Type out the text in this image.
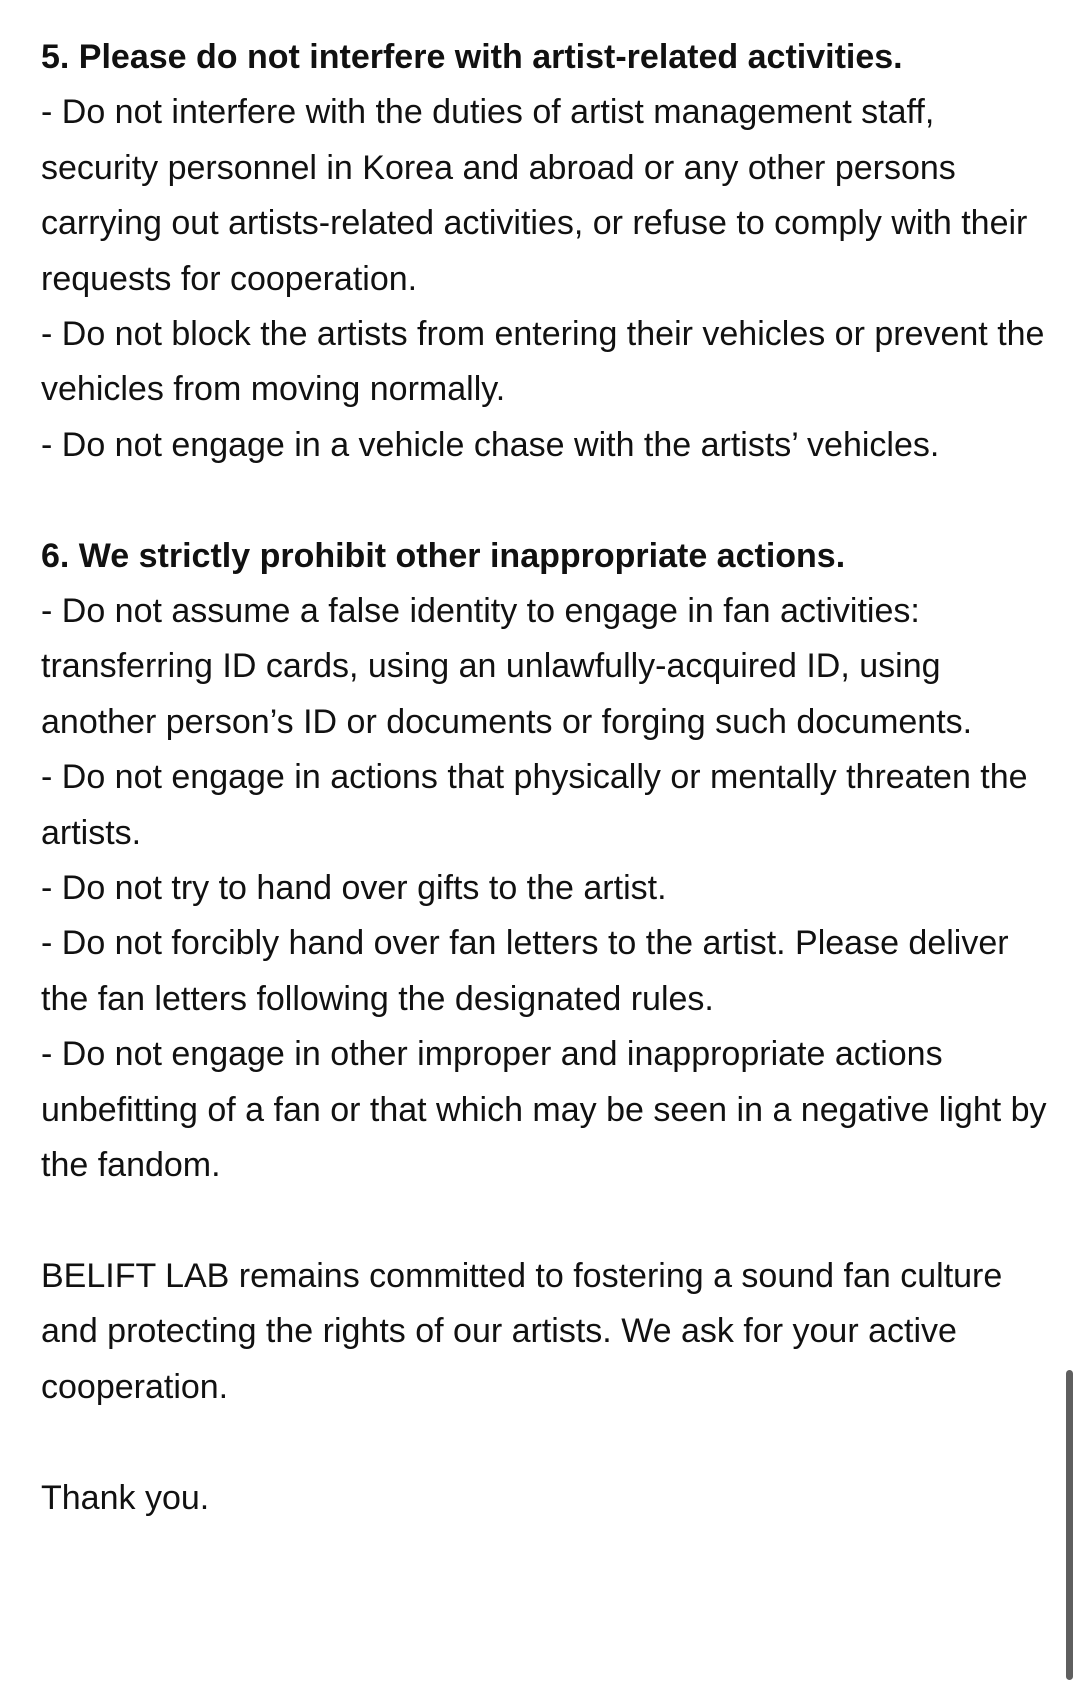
5. Please do not interfere with artist-related activities.

- Do not interfere with the duties of artist management staff, security personnel in Korea and abroad or any other persons carrying out artists-related activities, or refuse to comply with their requests for cooperation.

- Do not block the artists from entering their vehicles or prevent the vehicles from moving normally.

- Do not engage in a vehicle chase with the artists’ vehicles.

6. We strictly prohibit other inappropriate actions.

- Do not assume a false identity to engage in fan activities: transferring ID cards, using an unlawfully-acquired ID, using another person’s ID or documents or forging such documents.

- Do not engage in actions that physically or mentally threaten the artists.

- Do not try to hand over gifts to the artist.

- Do not forcibly hand over fan letters to the artist. Please deliver the fan letters following the designated rules.

- Do not engage in other improper and inappropriate actions unbefitting of a fan or that which may be seen in a negative light by the fandom.

BELIFT LAB remains committed to fostering a sound fan culture and protecting the rights of our artists. We ask for your active cooperation.

Thank you.
